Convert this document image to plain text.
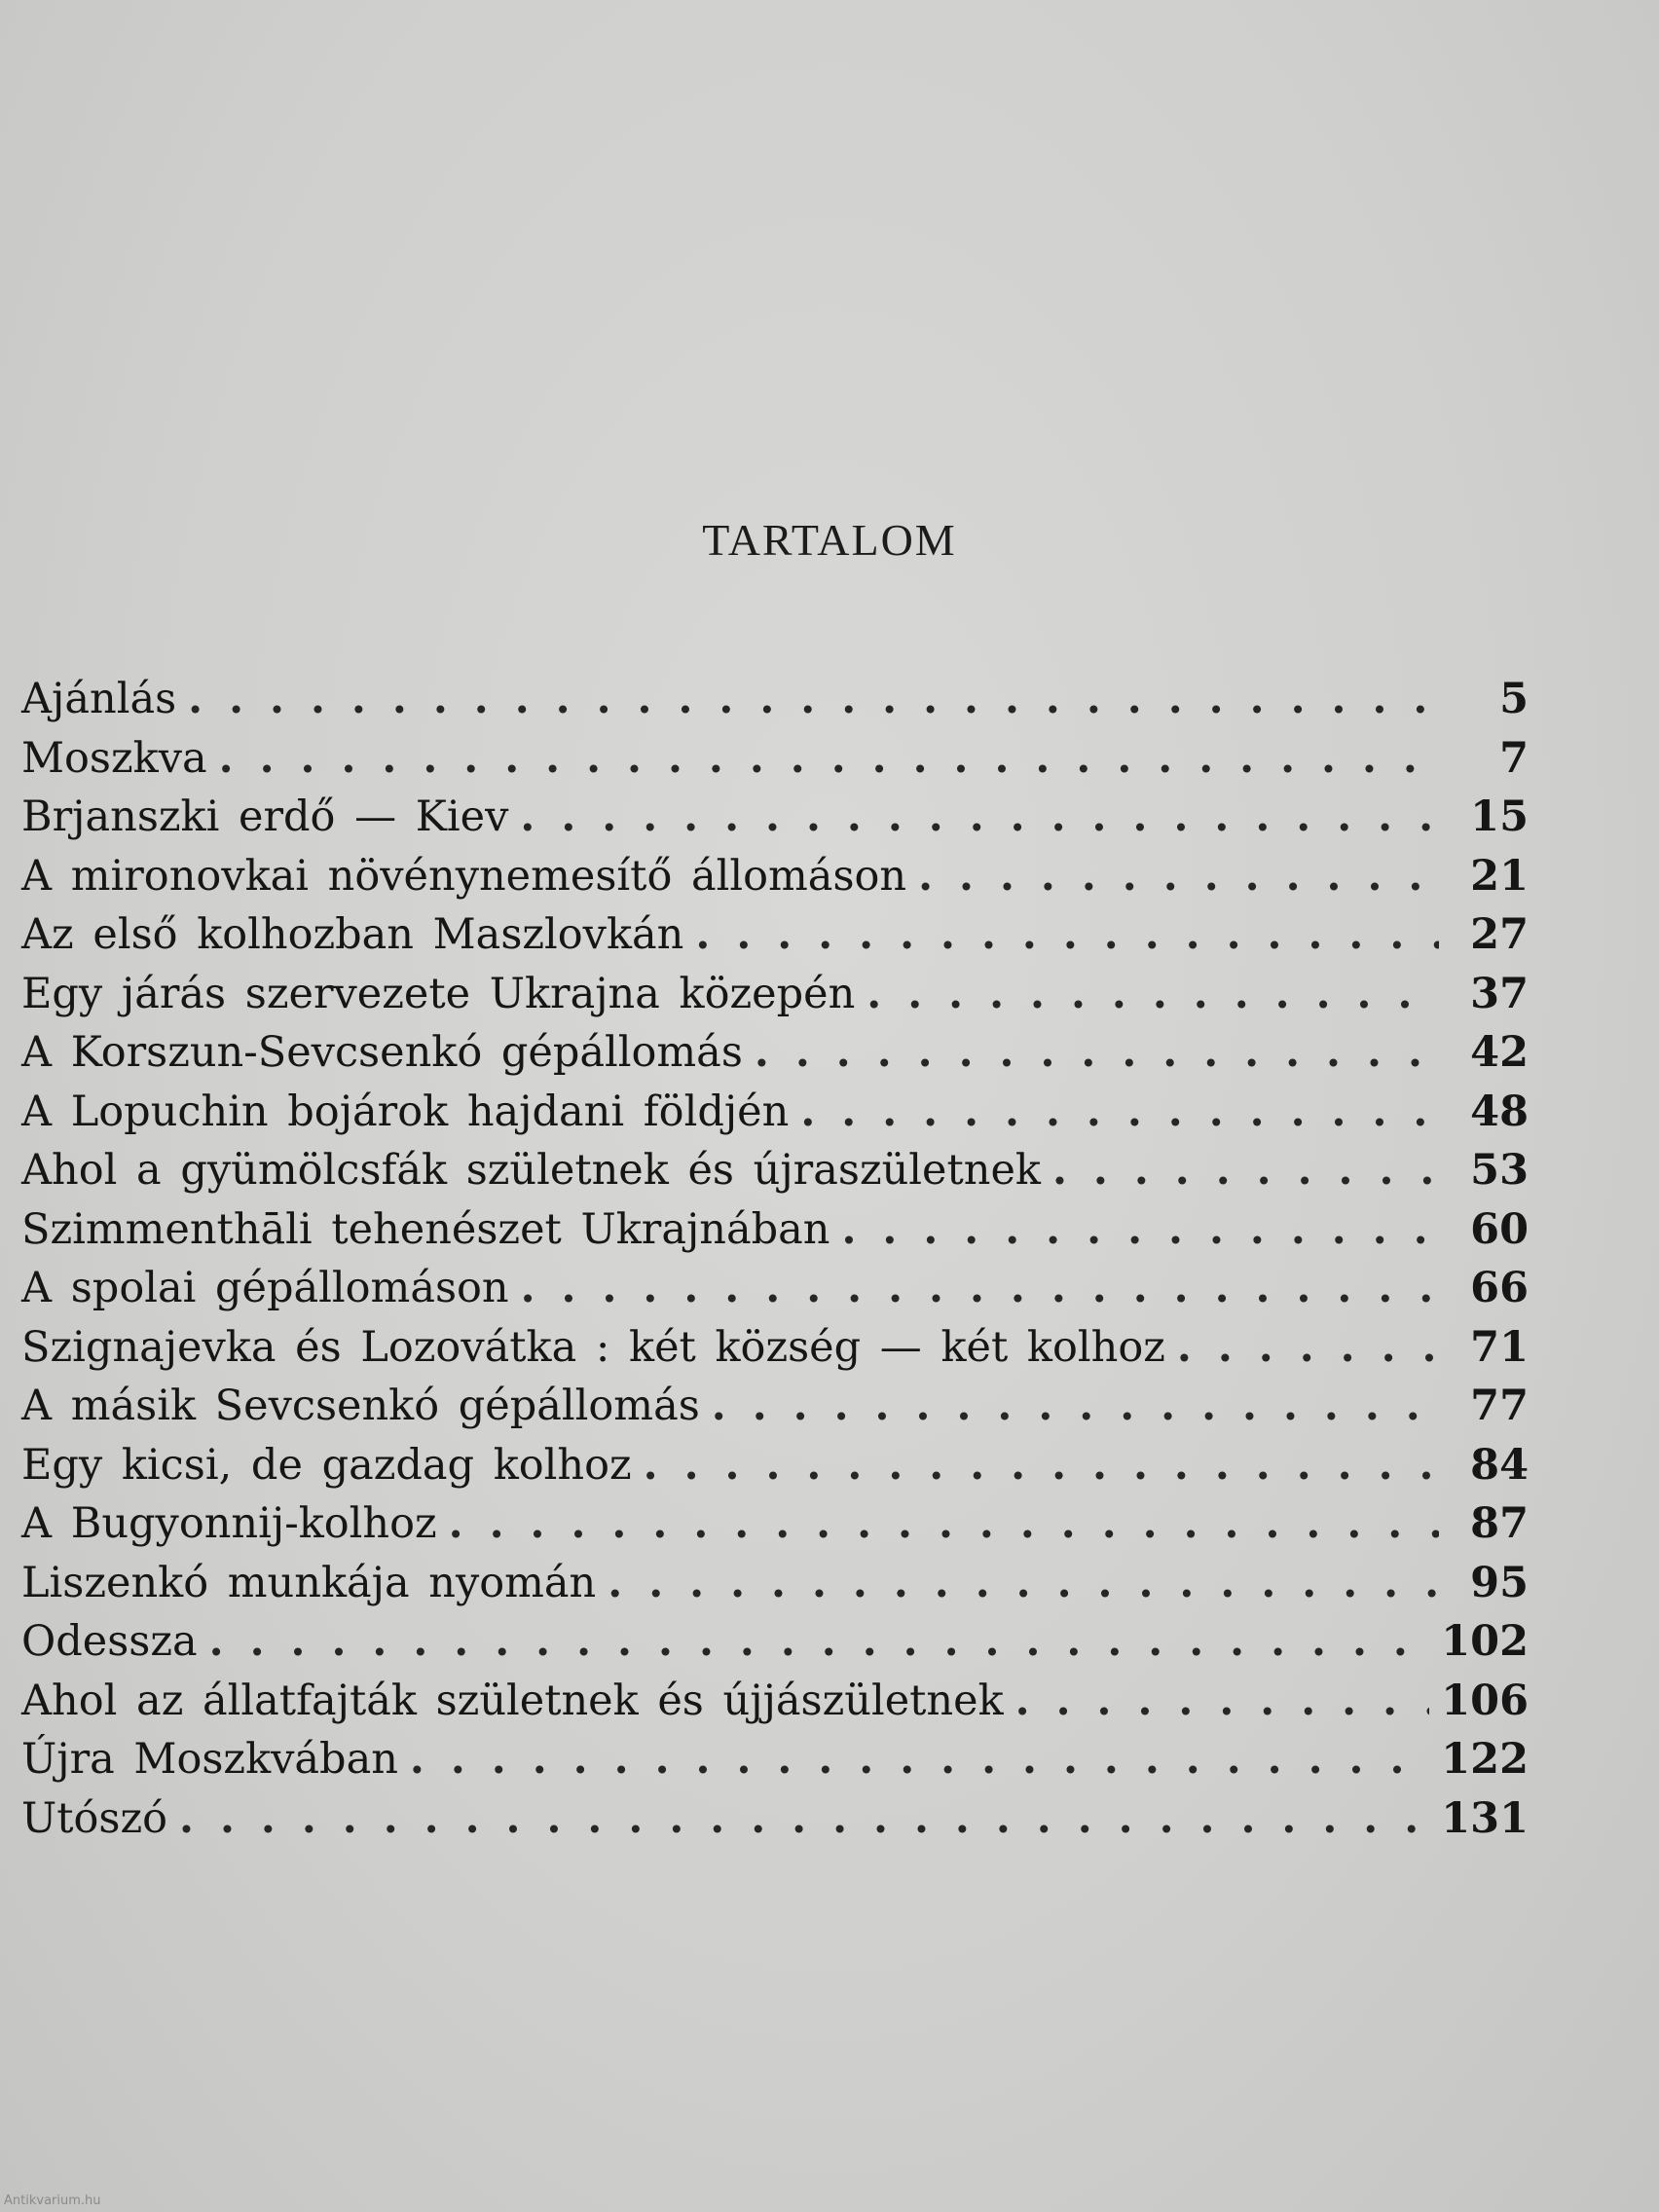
TARTALOM
Ajánlás . . .	5
Moszkva . . .	7
Brjanszki erdő — Kiev . . .	15
A mironovkai növénynemesítő állomáson . . .	21
Az első kolhozban Maszlovkán . . .	27
Egy járás szervezete Ukrajna közepén . . .	37
A Korszun-Sevcsenkó gépállomás . . .	42
A Lopuchin bojárok hajdani földjén . . .	48
Ahol a gyümölcsfák születnek és újraszületnek . . .	53
Szimmenthāli tehenészet Ukrajnában . . .	60
A spolai gépállomáson . . .	66
Szignajevka és Lozovátka : két község — két kolhoz . . .	71
A másik Sevcsenkó gépállomás . . .	77
Egy kicsi, de gazdag kolhoz . . .	84
A Bugyonnij-kolhoz . . .	87
Liszenkó munkája nyomán . . .	95
Odessza . . .	102
Ahol az állatfajták születnek és újjászületnek . . .	106
Újra Moszkvában . . .	122
Utószó . . .	131
Antikvarium.hu
